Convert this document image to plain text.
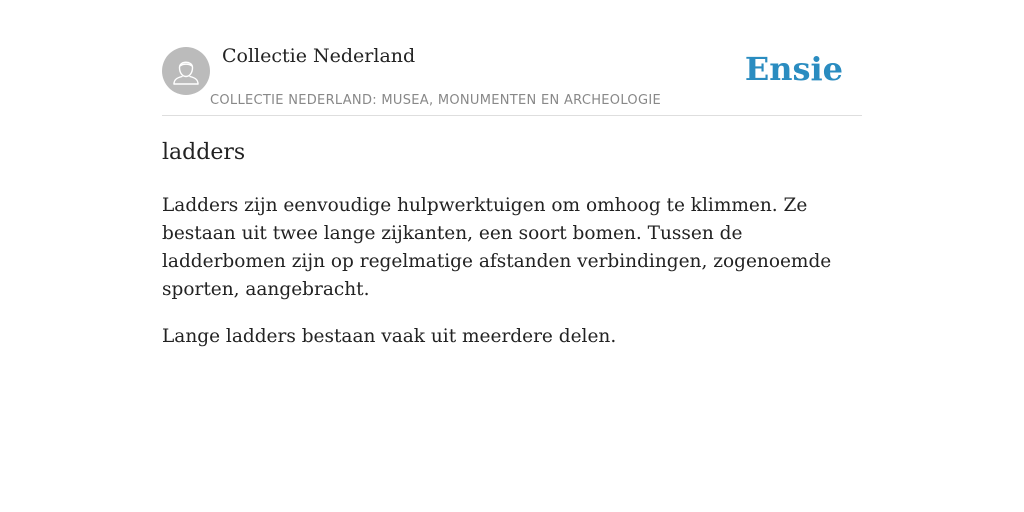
Collectie Nederland
COLLECTIE NEDERLAND: MUSEA, MONUMENTEN EN ARCHEOLOGIE
Ensie
ladders

Ladders zijn eenvoudige hulpwerktuigen om omhoog te klimmen. Ze bestaan uit twee lange zijkanten, een soort bomen. Tussen de ladderbomen zijn op regelmatige afstanden verbindingen, zogenoemde sporten, aangebracht.

Lange ladders bestaan vaak uit meerdere delen.
